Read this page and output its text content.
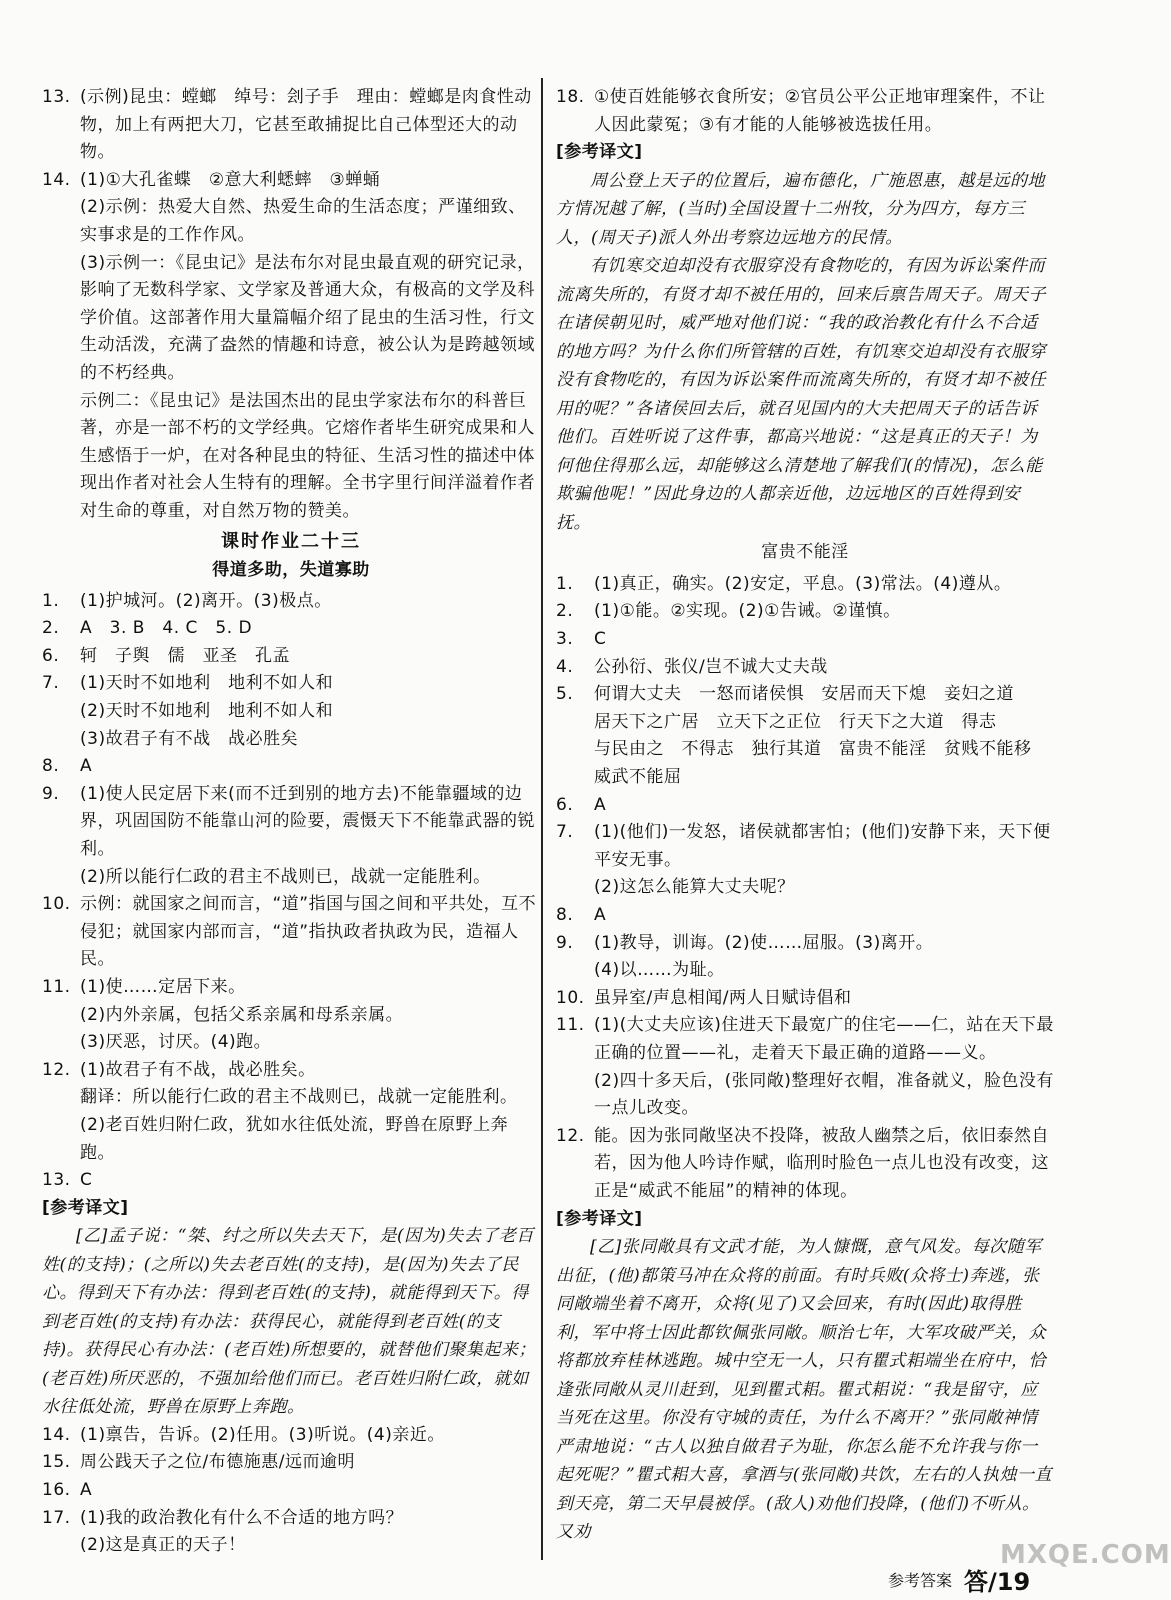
13. (示例)昆虫：螳螂　绰号：刽子手　理由：螳螂是肉食性动物，加上有两把大刀，它甚至敢捕捉比自己体型还大的动物。

14. (1)①大孔雀蝶　②意大利蟋蟀　③蝉蛹

(2)示例：热爱大自然、热爱生命的生活态度；严谨细致、实事求是的工作作风。

(3)示例一：《昆虫记》是法布尔对昆虫最直观的研究记录，影响了无数科学家、文学家及普通大众，有极高的文学及科学价值。这部著作用大量篇幅介绍了昆虫的生活习性，行文生动活泼，充满了盎然的情趣和诗意，被公认为是跨越领域的不朽经典。

示例二：《昆虫记》是法国杰出的昆虫学家法布尔的科普巨著，亦是一部不朽的文学经典。它熔作者毕生研究成果和人生感悟于一炉，在对各种昆虫的特征、生活习性的描述中体现出作者对社会人生特有的理解。全书字里行间洋溢着作者对生命的尊重，对自然万物的赞美。

课时作业二十三
得道多助，失道寡助
1. (1)护城河。(2)离开。(3)极点。

2. A　3. B　4. C　5. D

6. 轲　子舆　儒　亚圣　孔孟

7. (1)天时不如地利　地利不如人和

(2)天时不如地利　地利不如人和

(3)故君子有不战　战必胜矣

8. A

9. (1)使人民定居下来(而不迁到别的地方去)不能靠疆域的边界，巩固国防不能靠山河的险要，震慑天下不能靠武器的锐利。

(2)所以能行仁政的君主不战则已，战就一定能胜利。

10. 示例：就国家之间而言，“道”指国与国之间和平共处，互不侵犯；就国家内部而言，“道”指执政者执政为民，造福人民。

11. (1)使……定居下来。

(2)内外亲属，包括父系亲属和母系亲属。

(3)厌恶，讨厌。(4)跑。

12. (1)故君子有不战，战必胜矣。

翻译：所以能行仁政的君主不战则已，战就一定能胜利。

(2)老百姓归附仁政，犹如水往低处流，野兽在原野上奔跑。

13. C

[参考译文]

[乙]孟子说：“桀、纣之所以失去天下，是(因为)失去了老百姓(的支持)；(之所以)失去老百姓(的支持)，是(因为)失去了民心。得到天下有办法：得到老百姓(的支持)，就能得到天下。得到老百姓(的支持)有办法：获得民心，就能得到老百姓(的支持)。获得民心有办法：(老百姓)所想要的，就替他们聚集起来；(老百姓)所厌恶的，不强加给他们而已。老百姓归附仁政，就如水往低处流，野兽在原野上奔跑。

14. (1)禀告，告诉。(2)任用。(3)听说。(4)亲近。

15. 周公践天子之位/布德施惠/远而逾明

16. A

17. (1)我的政治教化有什么不合适的地方吗？

(2)这是真正的天子！

18. ①使百姓能够衣食所安；②官员公平公正地审理案件，不让人因此蒙冤；③有才能的人能够被选拔任用。

[参考译文]

周公登上天子的位置后，遍布德化，广施恩惠，越是远的地方情况越了解，(当时)全国设置十二州牧，分为四方，每方三人，(周天子)派人外出考察边远地方的民情。

有饥寒交迫却没有衣服穿没有食物吃的，有因为诉讼案件而流离失所的，有贤才却不被任用的，回来后禀告周天子。周天子在诸侯朝见时，威严地对他们说：“我的政治教化有什么不合适的地方吗？为什么你们所管辖的百姓，有饥寒交迫却没有衣服穿没有食物吃的，有因为诉讼案件而流离失所的，有贤才却不被任用的呢？”各诸侯回去后，就召见国内的大夫把周天子的话告诉他们。百姓听说了这件事，都高兴地说：“这是真正的天子！为何他住得那么远，却能够这么清楚地了解我们(的情况)，怎么能欺骗他呢！”因此身边的人都亲近他，边远地区的百姓得到安抚。

富贵不能淫
1. (1)真正，确实。(2)安定，平息。(3)常法。(4)遵从。

2. (1)①能。②实现。(2)①告诫。②谨慎。

3. C

4. 公孙衍、张仪/岂不诚大丈夫哉

5. 何谓大丈夫　一怒而诸侯惧　安居而天下熄　妾妇之道

居天下之广居　立天下之正位　行天下之大道　得志

与民由之　不得志　独行其道　富贵不能淫　贫贱不能移

威武不能屈

6. A

7. (1)(他们)一发怒，诸侯就都害怕；(他们)安静下来，天下便平安无事。

(2)这怎么能算大丈夫呢？

8. A

9. (1)教导，训诲。(2)使……屈服。(3)离开。

(4)以……为耻。

10. 虽异室/声息相闻/两人日赋诗倡和

11. (1)(大丈夫应该)住进天下最宽广的住宅——仁，站在天下最正确的位置——礼，走着天下最正确的道路——义。

(2)四十多天后，(张同敞)整理好衣帽，准备就义，脸色没有一点儿改变。

12. 能。因为张同敞坚决不投降，被敌人幽禁之后，依旧泰然自若，因为他人吟诗作赋，临刑时脸色一点儿也没有改变，这正是“威武不能屈”的精神的体现。

[参考译文]

[乙]张同敞具有文武才能，为人慷慨，意气风发。每次随军出征，(他)都策马冲在众将的前面。有时兵败(众将士)奔逃，张同敞端坐着不离开，众将(见了)又会回来，有时(因此)取得胜利，军中将士因此都钦佩张同敞。顺治七年，大军攻破严关，众将都放弃桂林逃跑。城中空无一人，只有瞿式耜端坐在府中，恰逢张同敞从灵川赶到，见到瞿式耜。瞿式耜说：“我是留守，应当死在这里。你没有守城的责任，为什么不离开？”张同敞神情严肃地说：“古人以独自做君子为耻，你怎么能不允许我与你一起死呢？”瞿式耜大喜，拿酒与(张同敞)共饮，左右的人执烛一直到天亮，第二天早晨被俘。(敌人)劝他们投降，(他们)不听从。又劝

参考答案 答/19
MXQE.COM
